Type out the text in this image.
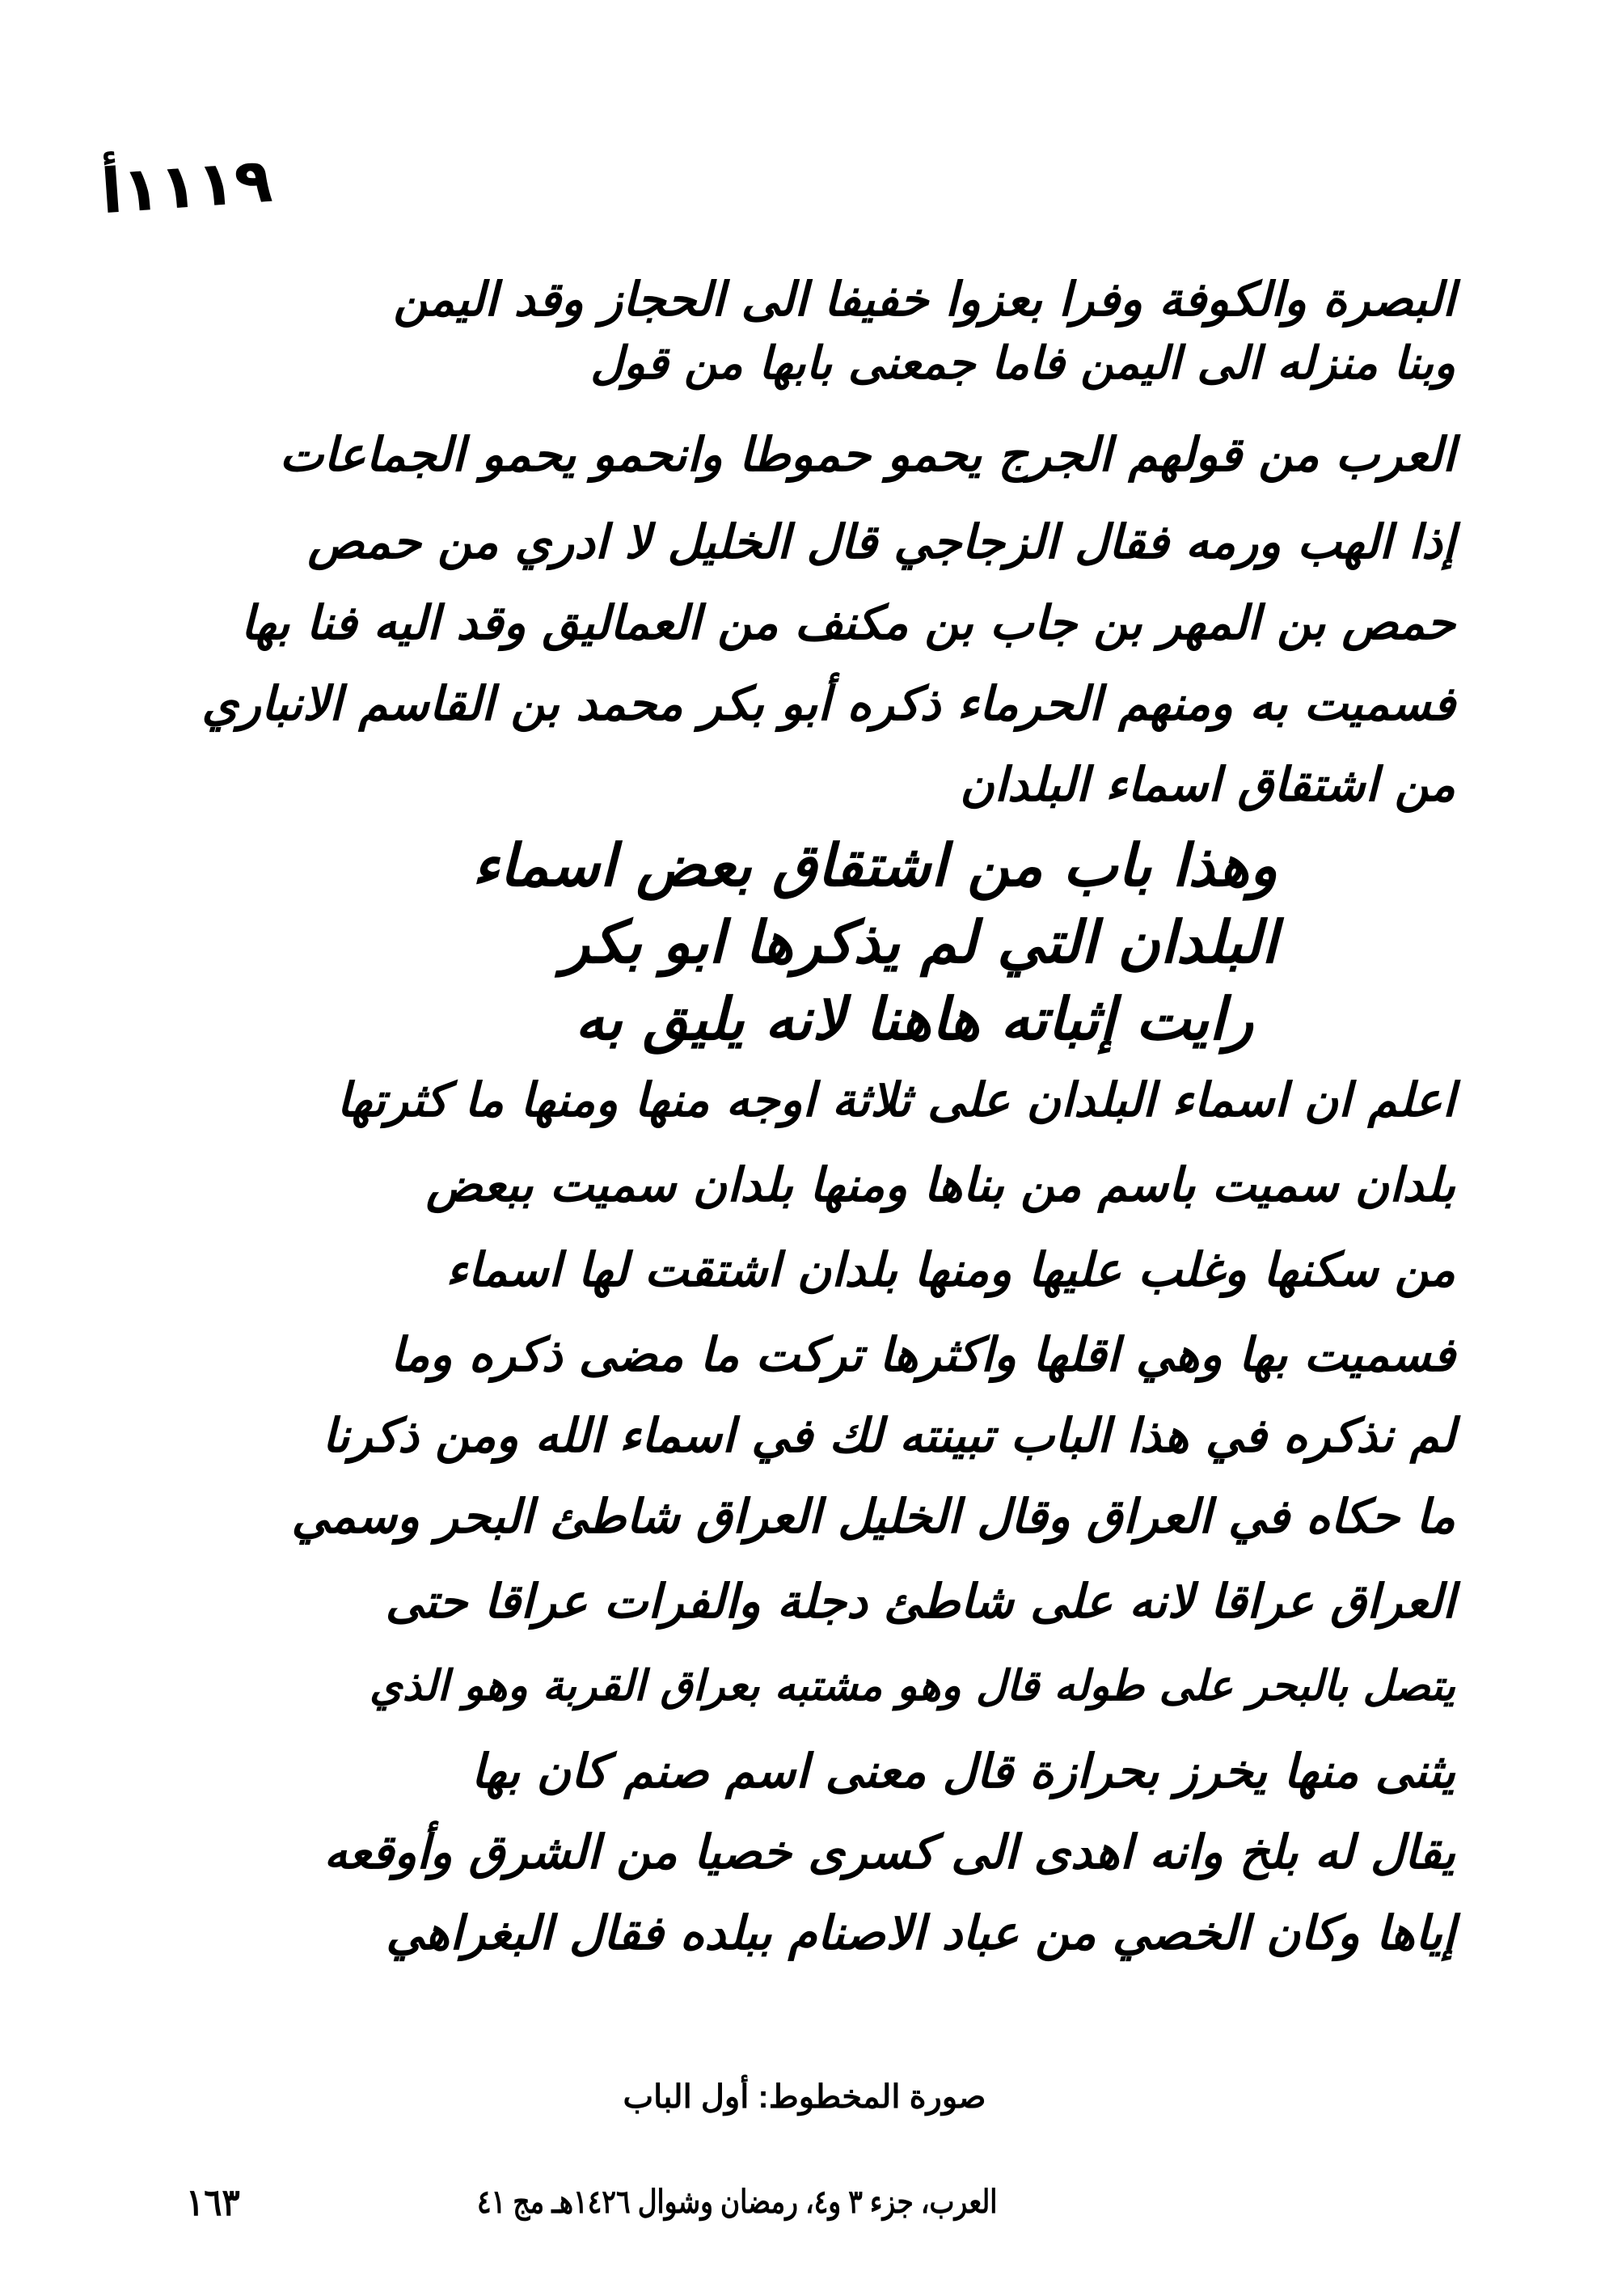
١١١٩أ
البصرة والكوفة وفرا بعزوا خفيفا الى الحجاز وقد اليمن
وبنا منزله الى اليمن فاما جمعنى بابها من قول
العرب من قولهم الجرج يحمو حموطا وانحمو يحمو الجماعات
إذا الهب ورمه فقال الزجاجي قال الخليل لا ادري من حمص
حمص بن المهر بن جاب بن مكنف من العماليق وقد اليه فنا بها
فسميت به ومنهم الحرماء ذكره أبو بكر محمد بن القاسم الانباري
من اشتقاق اسماء البلدان
وهذا باب من اشتقاق بعض اسماء
البلدان التي لم يذكرها ابو بكر
رايت إثباته هاهنا لانه يليق به
اعلم ان اسماء البلدان على ثلاثة اوجه منها ومنها ما كثرتها
بلدان سميت باسم من بناها ومنها بلدان سميت ببعض
من سكنها وغلب عليها ومنها بلدان اشتقت لها اسماء
فسميت بها وهي اقلها واكثرها تركت ما مضى ذكره وما
لم نذكره في هذا الباب تبينته لك في اسماء الله ومن ذكرنا
ما حكاه في العراق وقال الخليل العراق شاطئ البحر وسمي
العراق عراقا لانه على شاطئ دجلة والفرات عراقا حتى
يتصل بالبحر على طوله قال وهو مشتبه بعراق القربة وهو الذي
يثنى منها يخرز بحرازة قال معنى اسم صنم كان بها
يقال له بلخ وانه اهدى الى كسرى خصيا من الشرق وأوقعه
إياها وكان الخصي من عباد الاصنام ببلده فقال البغراهي
صورة المخطوط: أول الباب
العرب، جزء ٣ و٤، رمضان وشوال ١٤٢٦هـ مج ٤١
١٦٣
